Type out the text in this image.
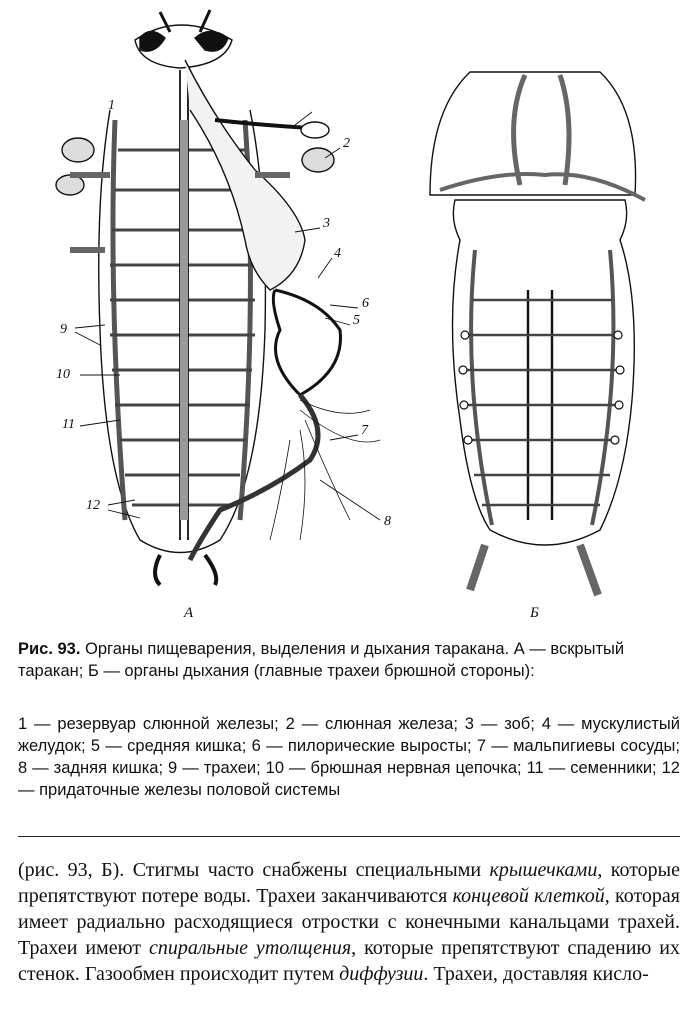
1
2
3
4
5
6
7
8
9
10
11
12
А	Б
Рис. 93. Органы пищеварения, выделения и дыхания таракана. А — вскрытый таракан; Б — органы дыхания (главные трахеи брюшной стороны):
1 — резервуар слюнной железы; 2 — слюнная железа; 3 — зоб; 4 — мускулистый желудок; 5 — средняя кишка; 6 — пилорические выросты; 7 — мальпигиевы сосуды; 8 — задняя кишка; 9 — трахеи; 10 — брюшная нервная цепочка; 11 — семенники; 12 — придаточные железы половой системы
(рис. 93, Б). Стигмы часто снабжены специальными крышечками, которые препятствуют потере воды. Трахеи заканчиваются концевой клеткой, которая имеет радиально расходящиеся отростки с конечными канальцами трахей. Трахеи имеют спиральные утолщения, которые препятствуют спадению их стенок. Газообмен происходит путем диффузии. Трахеи, доставляя кисло-
